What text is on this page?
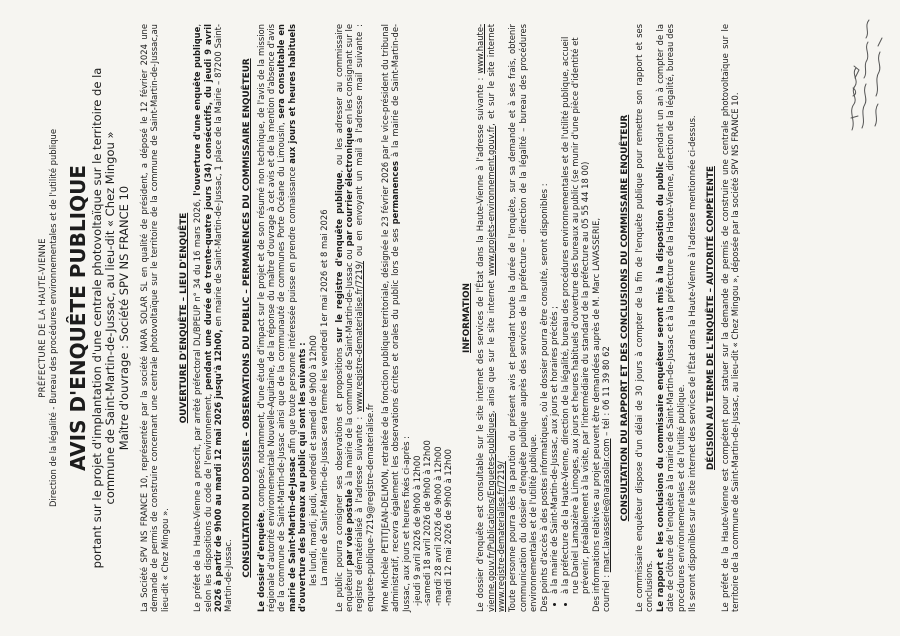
PRÉFECTURE DE LA HAUTE-VIENNE Direction de la légalité - Bureau des procédures environnementales et de l'utilité publique AVIS D'ENQUÊTE PUBLIQUE portant sur le projet d'implantation d'une centrale photovoltaïque sur le territoire de la commune de Saint-Martin-de-Jussac, au lieu-dit « Chez Mingou » Maître d'ouvrage : Société SPV NS FRANCE 10 La Société SPV NS FRANCE 10, représentée par la société NARA SOLAR SL en qualité de président, a déposé le 12 février 2024 une demande de permis de construire concernant une centrale photovoltaïque sur le territoire de la commune de Saint-Martin-de-Jussac,au lieu-dit « Chez Mingou ».

OUVERTURE D'ENQUÊTE – LIEU D'ENQUÊTE Le préfet de la Haute-Vienne a prescrit, par arrêté préfectoral DL/BPEUP n° 34 du 16 mars 2026, l'ouverture d'une enquête publique, selon les dispositions du code de l'environnement, pendant une durée de trente-quatre jours (34) consécutifs, du jeudi 9 avril 2026 à partir de 9h00 au mardi 12 mai 2026 jusqu'à 12h00, en mairie de Saint-Martin-de-Jussac, 1 place de la Mairie – 87200 Saint-Martin-de-Jussac. CONSULTATION DU DOSSIER – OBSERVATIONS DU PUBLIC – PERMANENCES DU COMMISSAIRE ENQUÊTEUR Le dossier d'enquête, composé, notamment, d'une étude d'impact sur le projet et de son résumé non technique, de l'avis de la mission régionale d'autorité environnementale Nouvelle-Aquitaine, de la réponse du maître d'ouvrage à cet avis et de la mention d'absence d'avis de la commune de Saint-Martin-de-Jussac ainsi que de la communauté de communes Porte Océane du Limousin, sera consultable en mairie de Saint-Martin-de-Jussac afin que toute personne intéressée puisse en prendre connaissance aux jours et heures habituels d'ouverture des bureaux au public qui sont les suivants : les lundi, mardi, jeudi, vendredi et samedi de 9h00 à 12h00 La mairie de Saint-Martin-de-Jussac sera fermée les vendredi 1er mai 2026 et 8 mai 2026 Le public pourra consigner ses observations et propositions sur le registre d'enquête publique, ou les adresser au commissaire enquêteur par voie postale à la mairie de la commune de Saint-Martin-de-Jussac ou par courrier électronique en les consignant sur le registre dématérialisé à l'adresse suivante : www.registre-dematerialise.fr/7219/ ou en envoyant un mail à l'adresse mail suivante : enquete-publique-7219@registre-dematerialise.fr Mme Michèle PETITJEAN-DELMON, retraitée de la fonction publique territoriale, désignée le 23 février 2026 par le vice-président du tribunal administratif, recevra également les observations écrites et orales du public lors de ses permanences à la mairie de Saint-Martin-de-Jussac, aux jours et heures fixés ci-après : -jeudi 9 avril 2026 de 9h00 à 12h00 -samedi 18 avril 2026 de 9h00 à 12h00 -mardi 28 avril 2026 de 9h00 à 12h00 -mardi 12 mai 2026 de 9h00 à 12h00
INFORMATION Le dossier d'enquête est consultable sur le site internet des services de l'État dans la Haute-Vienne à l'adresse suivante : www.haute-vienne.gouv.fr/Publications/Enquetes-publiques, ainsi que sur le site internet www.projets-environnement.gouv.fr, et sur le site internet www.registre-dematerialise.fr/7219/ Toute personne pourra dès la parution du présent avis et pendant toute la durée de l'enquête, sur sa demande et à ses frais, obtenir communication du dossier d'enquête publique auprès des services de la préfecture – direction de la légalité – bureau des procédures environnementales et de l'utilité publique. Des points d'accès à des postes informatiques, où le dossier pourra être consulté, seront disponibles : • à la mairie de Saint-Martin-de-Jussac, aux jours et horaires précités ; • à la préfecture de la Haute-Vienne, direction de la légalité, bureau des procédures environnementales et de l'utilité publique, accueil rue Daniel Lamazière à Limoges, aux jours et heures habituels d'ouverture des bureaux au public (se munir d'une pièce d'identité et prévenir, préalablement à la visite, par l'intermédiaire du standard de la préfecture au 05 55 44 18 00) Des informations relatives au projet peuvent être demandées auprès de M. Marc LAVASSERIE, courriel : marc.lavasserie@narasolar.com – tél : 06 11 39 80 62 CONSULTATION DU RAPPORT ET DES CONCLUSIONS DU COMMISSAIRE ENQUÊTEUR Le commissaire enquêteur dispose d'un délai de 30 jours à compter de la fin de l'enquête publique pour remettre son rapport et ses conclusions. Le rapport et les conclusions du commissaire enquêteur seront mis à la disposition du public pendant un an à compter de la date de clôture de l'enquête à la mairie de Saint-Martin-de-Jussac et à la préfecture de la Haute-Vienne, direction de la légalité, bureau des procédures environnementales et de l'utilité publique. Ils seront disponibles sur le site internet des services de l'État dans la Haute-Vienne à l'adresse mentionnée ci-dessus. DÉCISION AU TERME DE L'ENQUÊTE – AUTORITÉ COMPÉTENTE Le préfet de la Haute-Vienne est compétent pour statuer sur la demande de permis de construire une centrale photovoltaïque sur le territoire de la commune de Saint-Martin-de-Jussac, au lieu-dit « Chez Mingou », déposée par la société SPV NS FRANCE 10.
